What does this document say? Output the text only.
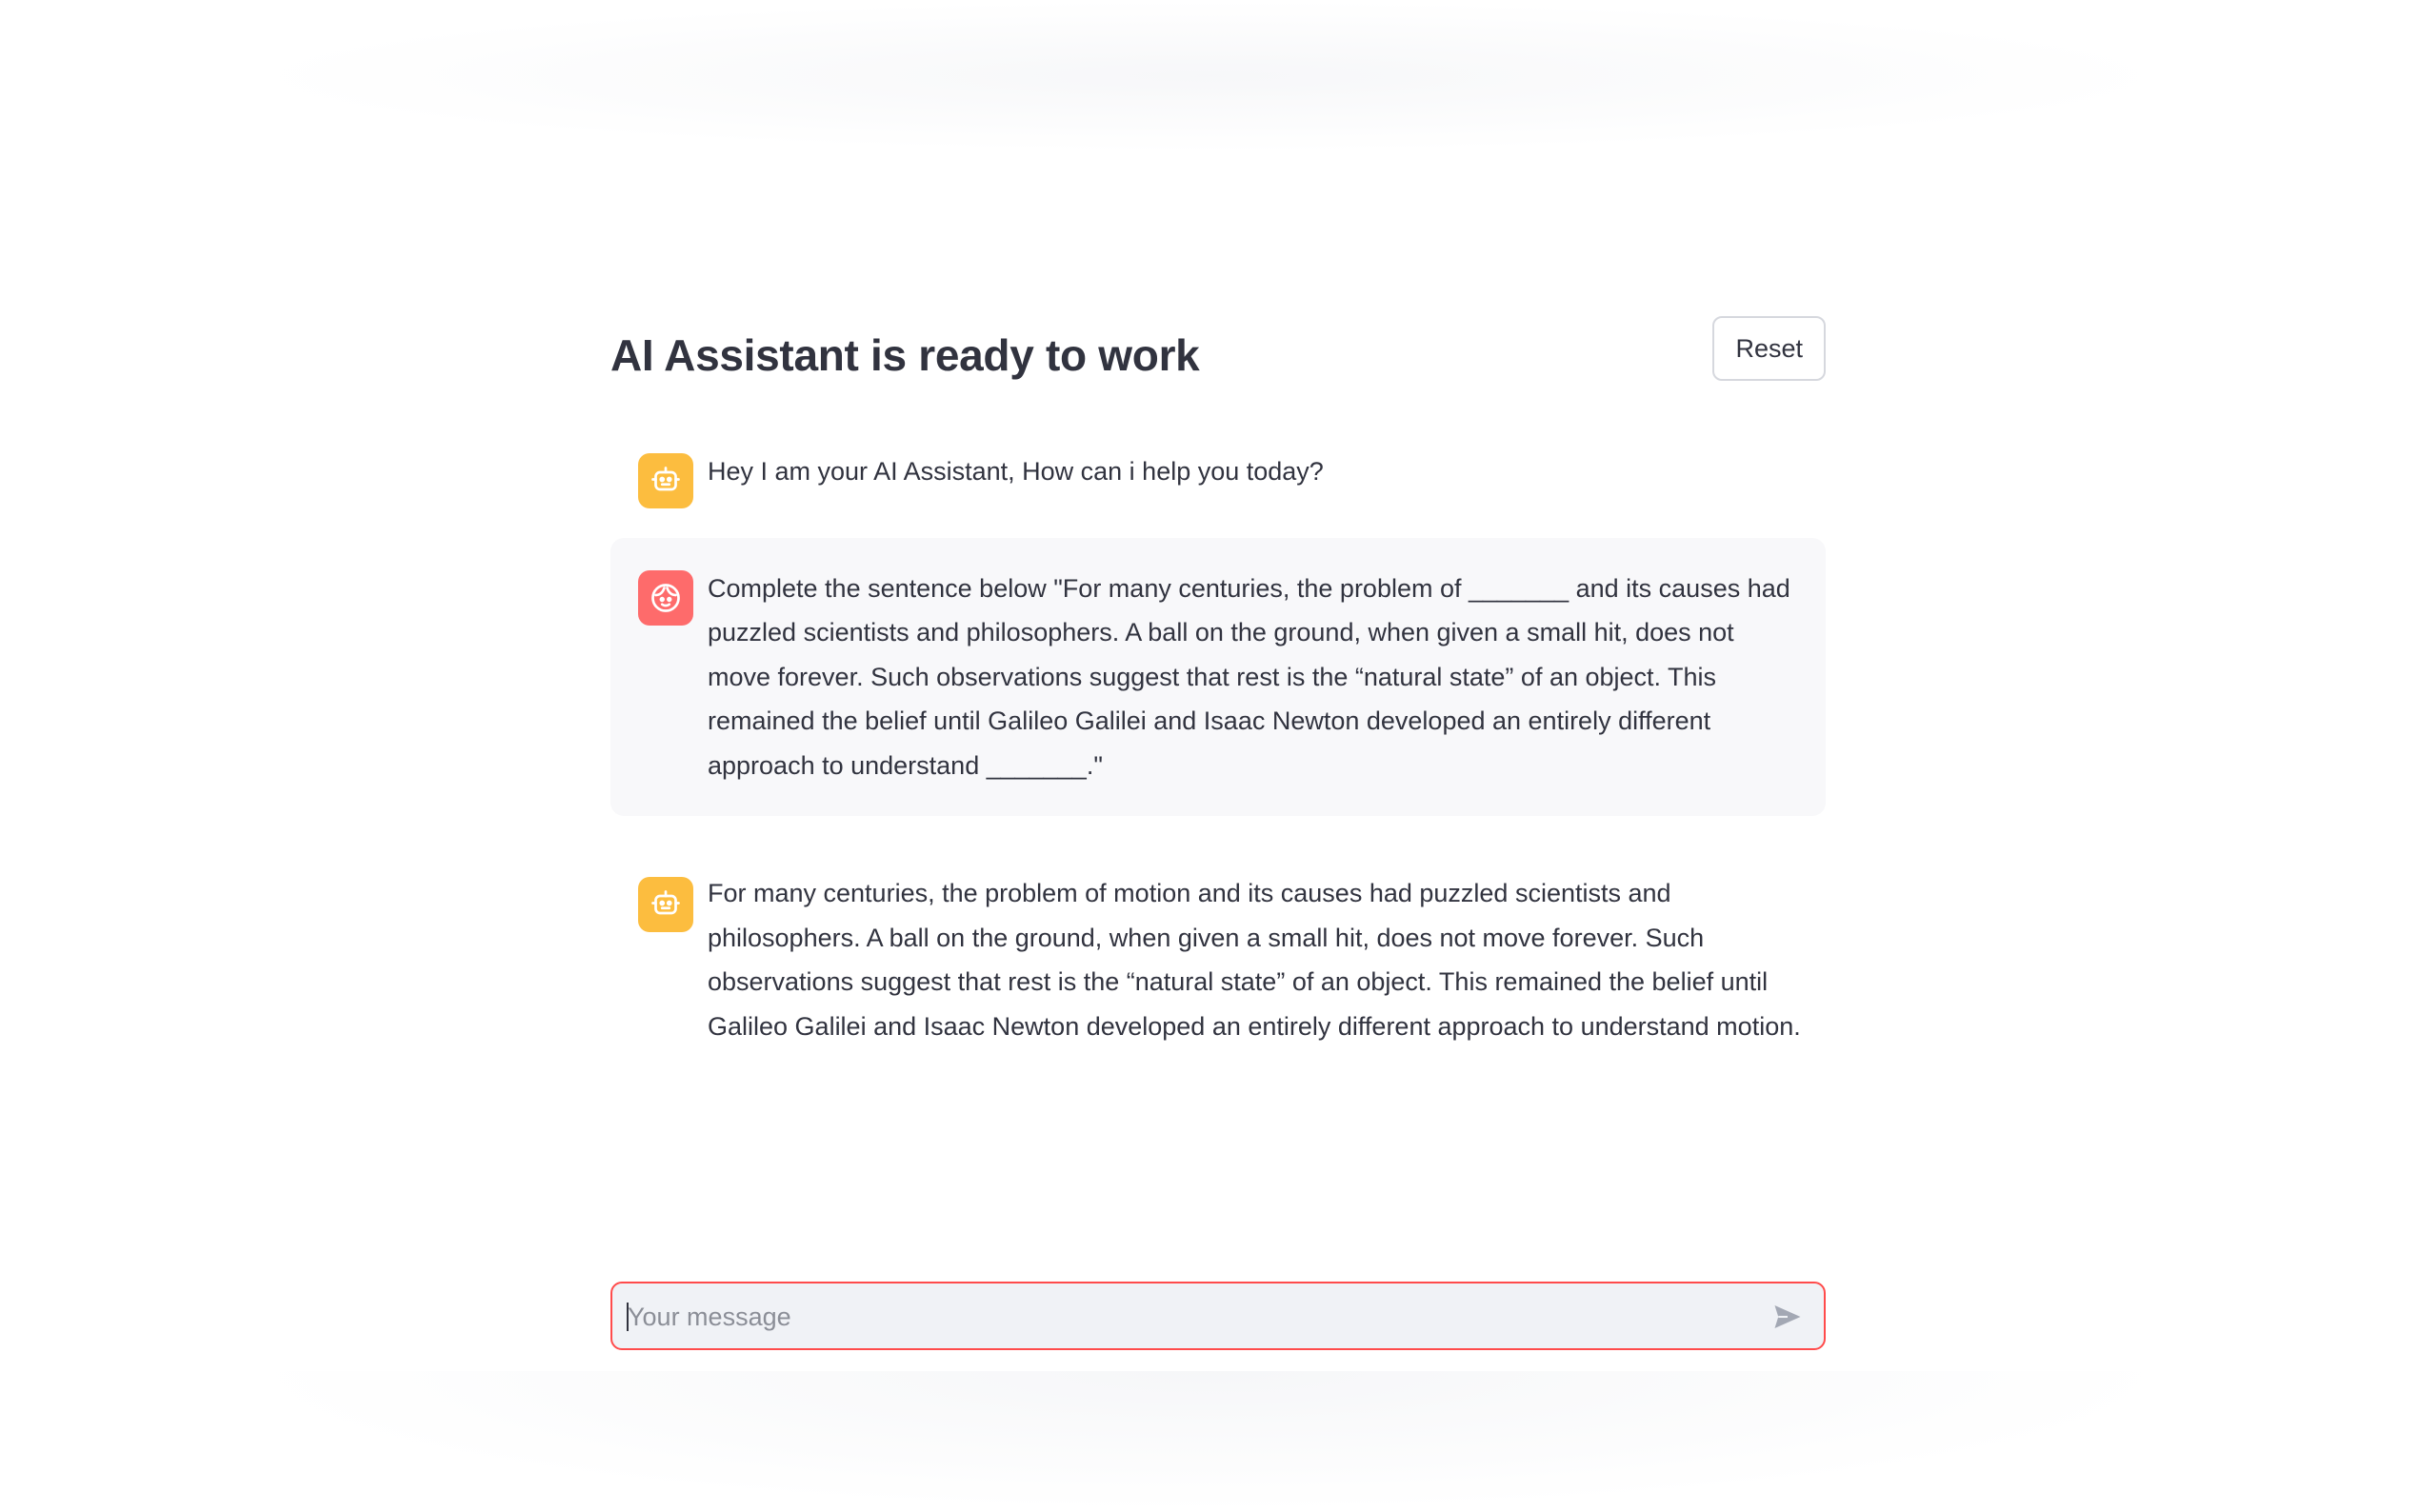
AI Assistant is ready to work	Reset
Hey I am your AI Assistant, How can i help you today?
Complete the sentence below "For many centuries, the problem of _______ and its causes had puzzled scientists and philosophers. A ball on the ground, when given a small hit, does not move forever. Such observations suggest that rest is the “natural state” of an object. This remained the belief until Galileo Galilei and Isaac Newton developed an entirely different approach to understand _______."
For many centuries, the problem of motion and its causes had puzzled scientists and philosophers. A ball on the ground, when given a small hit, does not move forever. Such observations suggest that rest is the “natural state” of an object. This remained the belief until Galileo Galilei and Isaac Newton developed an entirely different approach to understand motion.
Your message
